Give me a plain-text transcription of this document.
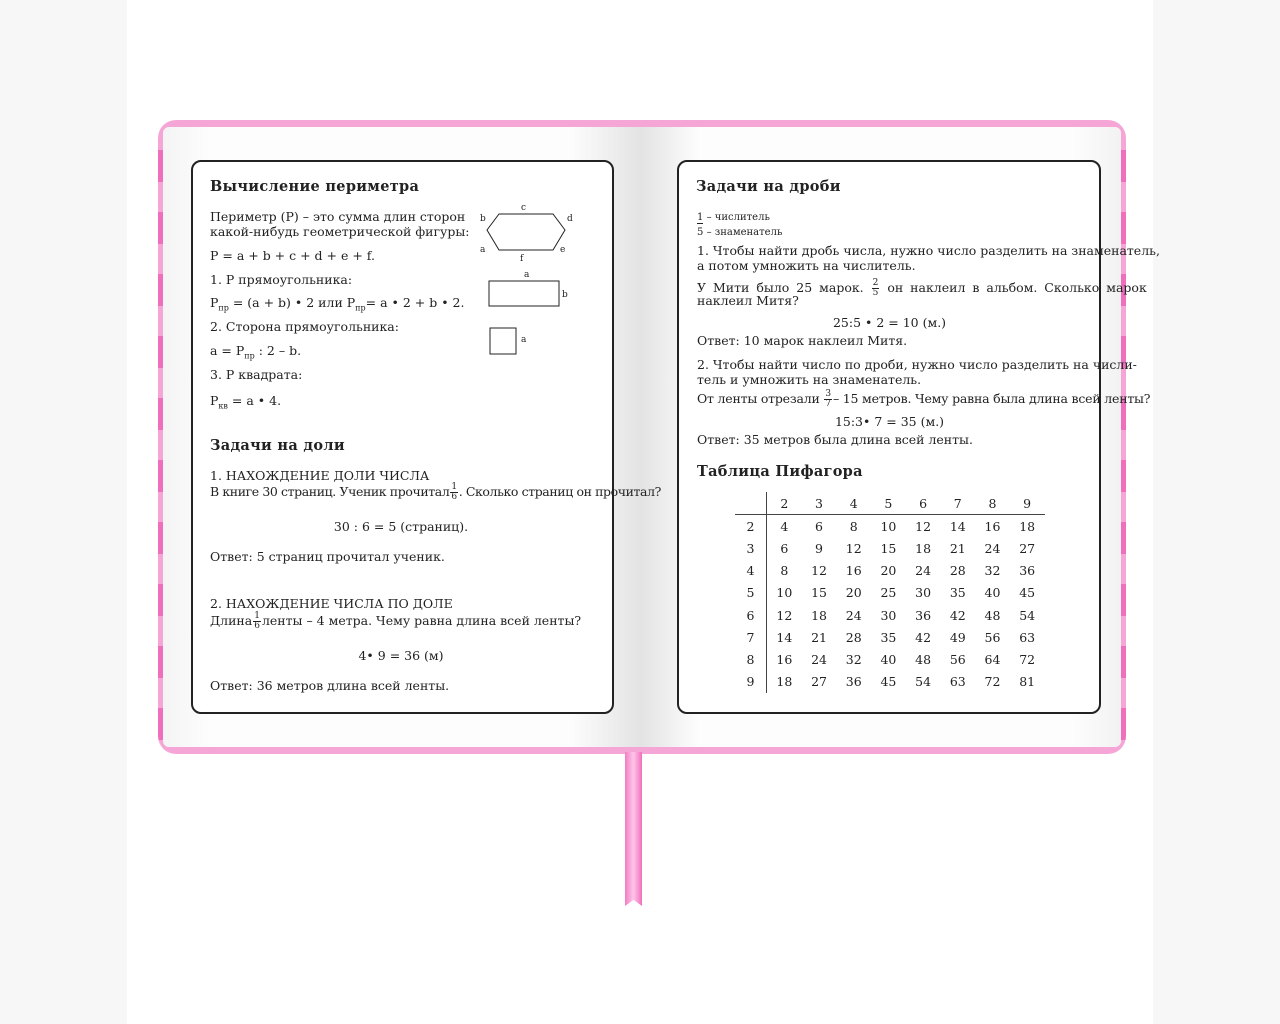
Вычисление периметра
Периметр (P) – это сумма длин сторон
какой-нибудь геометрической фигуры:
P = a + b + c + d + e + f.
1. P прямоугольника:
$P_{пр} = (a + b)$ • 2 или $P_{пр}= a$ • 2 + b • 2.
2. Сторона прямоугольника:
$a = P_{пр}$ : 2 – b.
3. P квадрата:
$P_{кв} = a$ • 4.
b
c
d
a	e
f
a
b
a
Задачи на доли
1. НАХОЖДЕНИЕ ДОЛИ ЧИСЛА
В книге 30 страниц. Ученик прочитал $\frac{1}{6}$ . Сколько страниц он прочитал?
30 : 6 = 5 (страниц).
Ответ: 5 страниц прочитал ученик.
2. НАХОЖДЕНИЕ ЧИСЛА ПО ДОЛЕ
Длина $\frac{1}{6}$ ленты – 4 метра. Чему равна длина всей ленты?
4• 9 = 36 (м)
Ответ: 36 метров длина всей ленты.
Задачи на дроби
1 – числитель
5 – знаменатель
1. Чтобы найти дробь числа, нужно число разделить на знаменатель,
а потом умножить на числитель.
У Мити было 25 марок. $\frac{2}{5}$ он наклеил в альбом. Сколько марок
наклеил Митя?
25:5 • 2 = 10 (м.)
Ответ: 10 марок наклеил Митя.
2. Чтобы найти число по дроби, нужно число разделить на числи-
тель и умножить на знаменатель.
От ленты отрезали $\frac{3}{7} - 15$ метров. Чему равна была длина всей ленты?
15:3• 7 = 35 (м.)
Ответ: 35 метров была длина всей ленты.
Таблица Пифагора
	2	3	4	5	6	7	8	9
2	4	6	8	10	12	14	16	18
3	6	9	12	15	18	21	24	27
4	8	12	16	20	24	28	32	36
5	10	15	20	25	30	35	40	45
6	12	18	24	30	36	42	48	54
7	14	21	28	35	42	49	56	63
8	16	24	32	40	48	56	64	72
9	18	27	36	45	54	63	72	81
